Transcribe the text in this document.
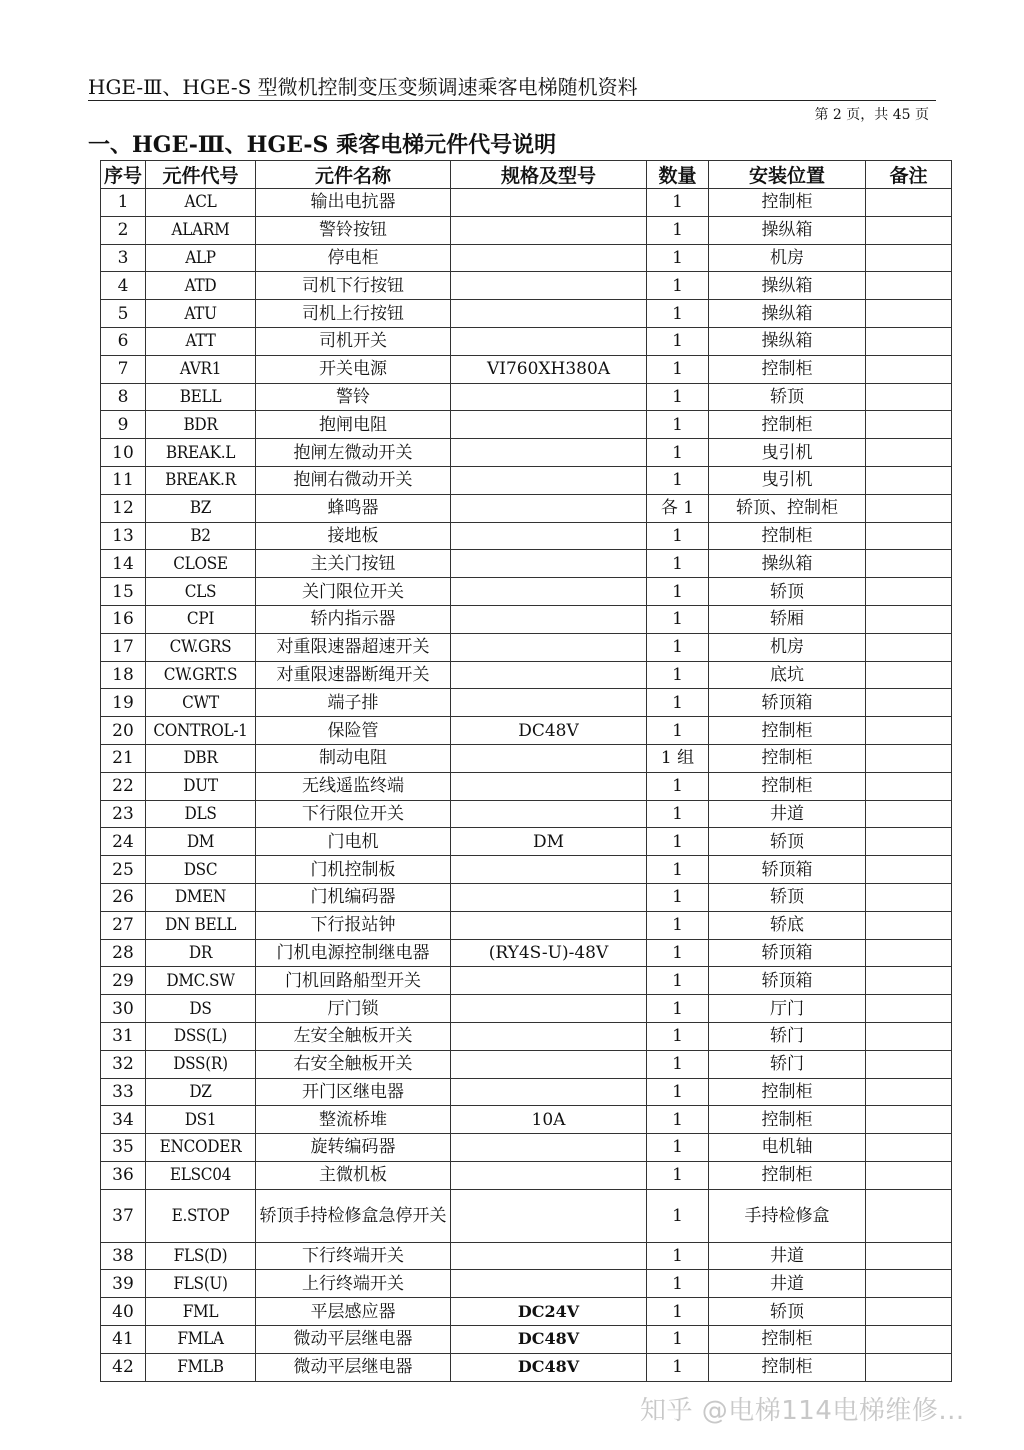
HGE-Ⅲ、HGE-S 型微机控制变压变频调速乘客电梯随机资料
第 2 页，共 45 页
一、HGE-Ⅲ、HGE-S 乘客电梯元件代号说明
序号	元件代号	元件名称	规格及型号	数量	安装位置	备注
1	ACL	输出电抗器		1	控制柜	
2	ALARM	警铃按钮		1	操纵箱	
3	ALP	停电柜		1	机房	
4	ATD	司机下行按钮		1	操纵箱	
5	ATU	司机上行按钮		1	操纵箱	
6	ATT	司机开关		1	操纵箱	
7	AVR1	开关电源	VI760XH380A	1	控制柜	
8	BELL	警铃		1	轿顶	
9	BDR	抱闸电阻		1	控制柜	
10	BREAK.L	抱闸左微动开关		1	曳引机	
11	BREAK.R	抱闸右微动开关		1	曳引机	
12	BZ	蜂鸣器		各 1	轿顶、控制柜	
13	B2	接地板		1	控制柜	
14	CLOSE	主关门按钮		1	操纵箱	
15	CLS	关门限位开关		1	轿顶	
16	CPI	轿内指示器		1	轿厢	
17	CW.GRS	对重限速器超速开关		1	机房	
18	CW.GRT.S	对重限速器断绳开关		1	底坑	
19	CWT	端子排		1	轿顶箱	
20	CONTROL-1	保险管	DC48V	1	控制柜	
21	DBR	制动电阻		1 组	控制柜	
22	DUT	无线遥监终端		1	控制柜	
23	DLS	下行限位开关		1	井道	
24	DM	门电机	DM	1	轿顶	
25	DSC	门机控制板		1	轿顶箱	
26	DMEN	门机编码器		1	轿顶	
27	DN BELL	下行报站钟		1	轿底	
28	DR	门机电源控制继电器	(RY4S-U)-48V	1	轿顶箱	
29	DMC.SW	门机回路船型开关		1	轿顶箱	
30	DS	厅门锁		1	厅门	
31	DSS(L)	左安全触板开关		1	轿门	
32	DSS(R)	右安全触板开关		1	轿门	
33	DZ	开门区继电器		1	控制柜	
34	DS1	整流桥堆	10A	1	控制柜	
35	ENCODER	旋转编码器		1	电机轴	
36	ELSC04	主微机板		1	控制柜	
37	E.STOP	轿顶手持检修盒急停开关		1	手持检修盒	
38	FLS(D)	下行终端开关		1	井道	
39	FLS(U)	上行终端开关		1	井道	
40	FML	平层感应器	DC24V	1	轿顶	
41	FMLA	微动平层继电器	DC48V	1	控制柜	
42	FMLB	微动平层继电器	DC48V	1	控制柜	
知乎 @电梯114电梯维修...
